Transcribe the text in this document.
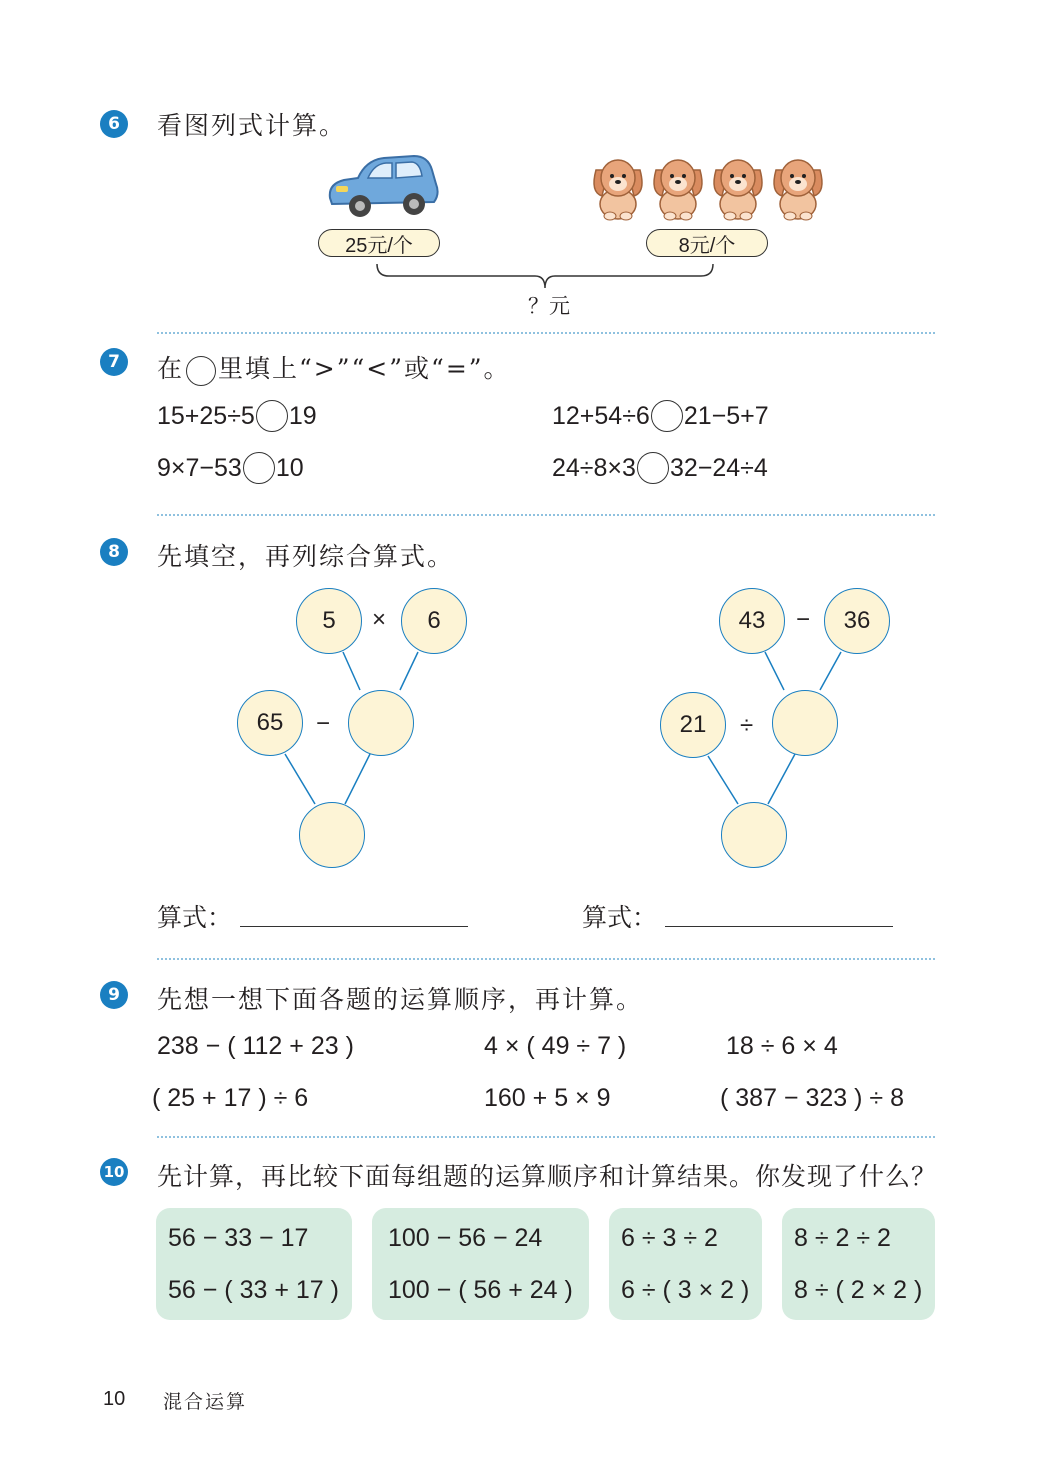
6	看图列式计算。
25元/个	8元/个
？元
7	在 里填上“>”“<”或“=”。
15+25÷5 19	12+54÷6 21−5+7
9×7−53 10	24÷8×3 32−24÷4
8	先填空，再列综合算式。
5	×	6
65	−
43	−	36
21	÷
算式：	算式：
9	先想一想下面各题的运算顺序，再计算。
238 − ( 112 + 23 )	4 × ( 49 ÷ 7 )	18 ÷ 6 × 4
( 25 + 17 ) ÷ 6	160 + 5 × 9	( 387 − 323 ) ÷ 8
10 先计算，再比较下面每组题的运算顺序和计算结果。你发现了什么？
56 − 33 − 17
56 − ( 33 + 17 )
100 − 56 − 24
100 − ( 56 + 24 )
6 ÷ 3 ÷ 2
6 ÷ ( 3 × 2 )
8 ÷ 2 ÷ 2
8 ÷ ( 2 × 2 )
10 混合运算
